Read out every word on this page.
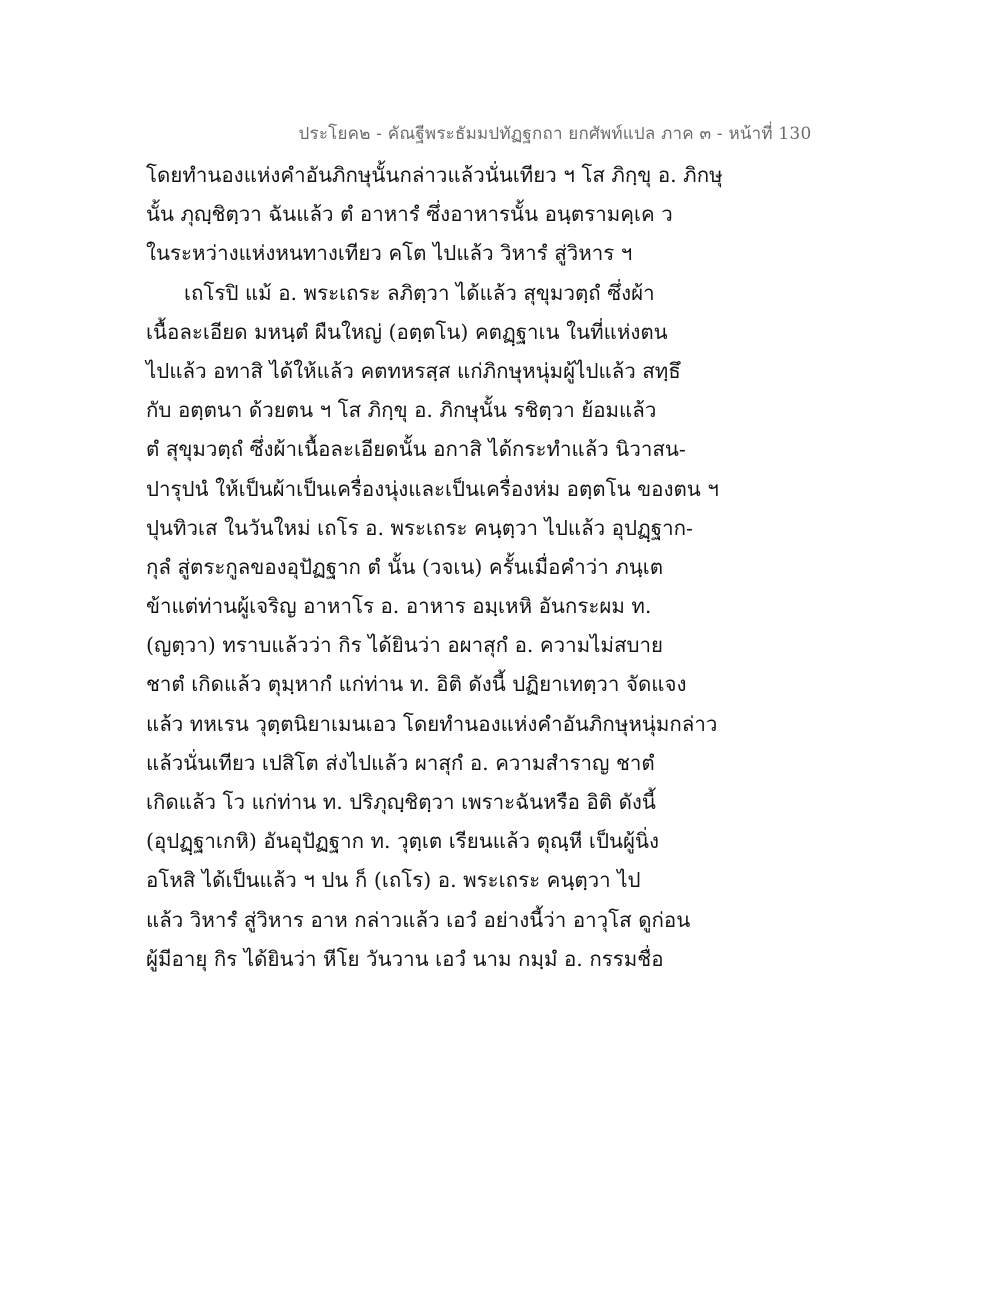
ประโยค๒ - คัณฐีพระธัมมปทัฏฐกถา ยกศัพท์แปล ภาค ๓ - หน้าที่ 130
โดยทำนองแห่งคำอันภิกษุนั้นกล่าวแล้วนั่นเทียว ฯ โส ภิกฺขุ อ. ภิกษุ
นั้น ภุญฺชิตฺวา ฉันแล้ว ตํ อาหารํ ซึ่งอาหารนั้น อนฺตรามคฺเค ว
ในระหว่างแห่งหนทางเทียว คโต ไปแล้ว วิหารํ สู่วิหาร ฯ
เถโรปิ แม้ อ. พระเถระ ลภิตฺวา ได้แล้ว สุขุมวตฺถํ ซึ่งผ้า
เนื้อละเอียด มหนฺตํ ผืนใหญ่ (อตฺตโน) คตฏฺฐาเน ในที่แห่งตน
ไปแล้ว อทาสิ ได้ให้แล้ว คตทหรสฺส แก่ภิกษุหนุ่มผู้ไปแล้ว สทฺธึ
กับ อตฺตนา ด้วยตน ฯ โส ภิกฺขุ อ. ภิกษุนั้น รชิตฺวา ย้อมแล้ว
ตํ สุขุมวตฺถํ ซึ่งผ้าเนื้อละเอียดนั้น อกาสิ ได้กระทำแล้ว นิวาสน-
ปารุปนํ ให้เป็นผ้าเป็นเครื่องนุ่งและเป็นเครื่องห่ม อตฺตโน ของตน ฯ
ปุนทิวเส ในวันใหม่ เถโร อ. พระเถระ คนฺตฺวา ไปแล้ว อุปฏฺฐาก-
กุลํ สู่ตระกูลของอุปัฏฐาก ตํ นั้น (วจเน) ครั้นเมื่อคำว่า ภนฺเต
ข้าแต่ท่านผู้เจริญ อาหาโร อ. อาหาร อมฺเหหิ อันกระผม ท.
(ญตฺวา) ทราบแล้วว่า กิร ได้ยินว่า อผาสุกํ อ. ความไม่สบาย
ชาตํ เกิดแล้ว ตุมฺหากํ แก่ท่าน ท. อิติ ดังนี้ ปฏิยาเทตฺวา จัดแจง
แล้ว ทหเรน วุตฺตนิยาเมนเอว โดยทำนองแห่งคำอันภิกษุหนุ่มกล่าว
แล้วนั่นเทียว เปสิโต ส่งไปแล้ว ผาสุกํ อ. ความสำราญ ชาตํ
เกิดแล้ว โว แก่ท่าน ท. ปริภุญฺชิตฺวา เพราะฉันหรือ อิติ ดังนี้
(อุปฏฺฐาเกหิ) อันอุปัฏฐาก ท. วุตฺเต เรียนแล้ว ตุณฺหี เป็นผู้นิ่ง
อโหสิ ได้เป็นแล้ว ฯ ปน ก็ (เถโร) อ. พระเถระ คนฺตฺวา ไป
แล้ว วิหารํ สู่วิหาร อาห กล่าวแล้ว เอวํ อย่างนี้ว่า อาวุโส ดูก่อน
ผู้มีอายุ กิร ได้ยินว่า หีโย วันวาน เอวํ นาม กมฺมํ อ. กรรมชื่อ
